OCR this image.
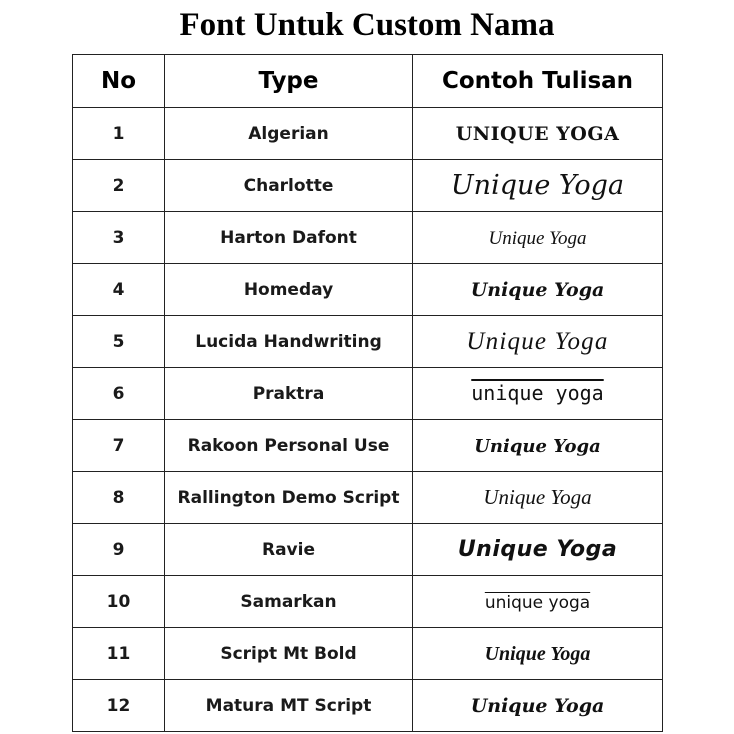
Font Untuk Custom Nama
No	Type	Contoh Tulisan
1	Algerian	UNIQUE YOGA
2	Charlotte	Unique Yoga
3	Harton Dafont	Unique Yoga
4	Homeday	Unique Yoga
5	Lucida Handwriting	Unique Yoga
6	Praktra	unique yoga
7	Rakoon Personal Use	Unique Yoga
8	Rallington Demo Script	Unique Yoga
9	Ravie	Unique Yoga
10	Samarkan	unique yoga
11	Script Mt Bold	Unique Yoga
12	Matura MT Script	Unique Yoga
